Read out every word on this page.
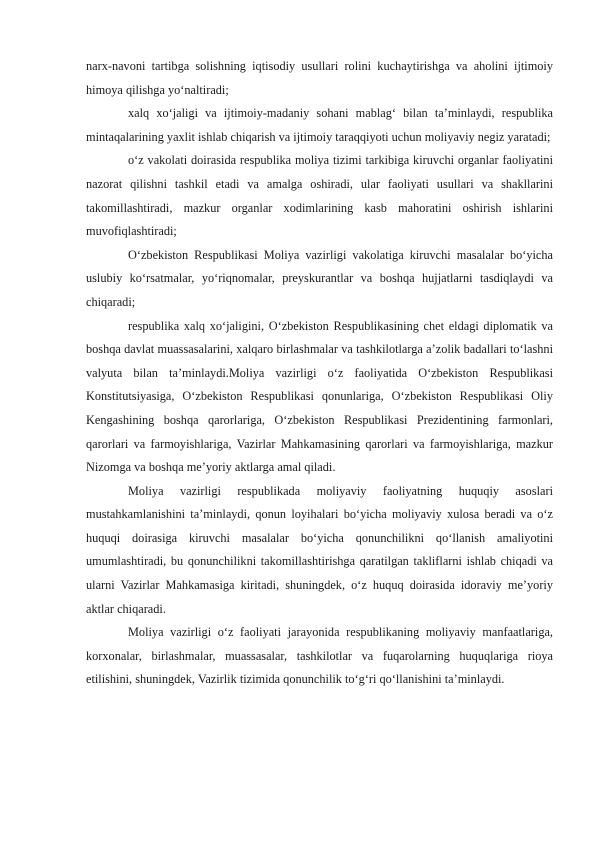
narx-navoni tartibga solishning iqtisodiy usullari rolini kuchaytirishga va aholini ijtimoiy himoya qilishga yo‘naltiradi;

xalq xo‘jaligi va ijtimoiy-madaniy sohani mablag‘ bilan ta’minlaydi, respublika mintaqalarining yaxlit ishlab chiqarish va ijtimoiy taraqqiyoti uchun moliyaviy negiz yaratadi;

o‘z vakolati doirasida respublika moliya tizimi tarkibiga kiruvchi organlar faoliyatini nazorat qilishni tashkil etadi va amalga oshiradi, ular faoliyati usullari va shakllarini takomillashtiradi, mazkur organlar xodimlarining kasb mahoratini oshirish ishlarini muvofiqlashtiradi;

O‘zbekiston Respublikasi Moliya vazirligi vakolatiga kiruvchi masalalar bo‘yicha uslubiy ko‘rsatmalar, yo‘riqnomalar, preyskurantlar va boshqa hujjatlarni tasdiqlaydi va chiqaradi;

respublika xalq xo‘jaligini, O‘zbekiston Respublikasining chet eldagi diplomatik va boshqa davlat muassasalarini, xalqaro birlashmalar va tashkilotlarga a’zolik badallari to‘lashni valyuta bilan ta’minlaydi.Moliya vazirligi o‘z faoliyatida O‘zbekiston Respublikasi Konstitutsiyasiga, O‘zbekiston Respublikasi qonunlariga, O‘zbekiston Respublikasi Oliy Kengashining boshqa qarorlariga, O‘zbekiston Respublikasi Prezidentining farmonlari, qarorlari va farmoyishlariga, Vazirlar Mahkamasining qarorlari va farmoyishlariga, mazkur Nizomga va boshqa me’yoriy aktlarga amal qiladi.

Moliya vazirligi respublikada moliyaviy faoliyatning huquqiy asoslari mustahkamlanishini ta’minlaydi, qonun loyihalari bo‘yicha moliyaviy xulosa beradi va o‘z huquqi doirasiga kiruvchi masalalar bo‘yicha qonunchilikni qo‘llanish amaliyotini umumlashtiradi, bu qonunchilikni takomillashtirishga qaratilgan takliflarni ishlab chiqadi va ularni Vazirlar Mahkamasiga kiritadi, shuningdek, o‘z huquq doirasida idoraviy me’yoriy aktlar chiqaradi.

Moliya vazirligi o‘z faoliyati jarayonida respublikaning moliyaviy manfaatlariga, korxonalar, birlashmalar, muassasalar, tashkilotlar va fuqarolarning huquqlariga rioya etilishini, shuningdek, Vazirlik tizimida qonunchilik to‘g‘ri qo‘llanishini ta’minlaydi.
